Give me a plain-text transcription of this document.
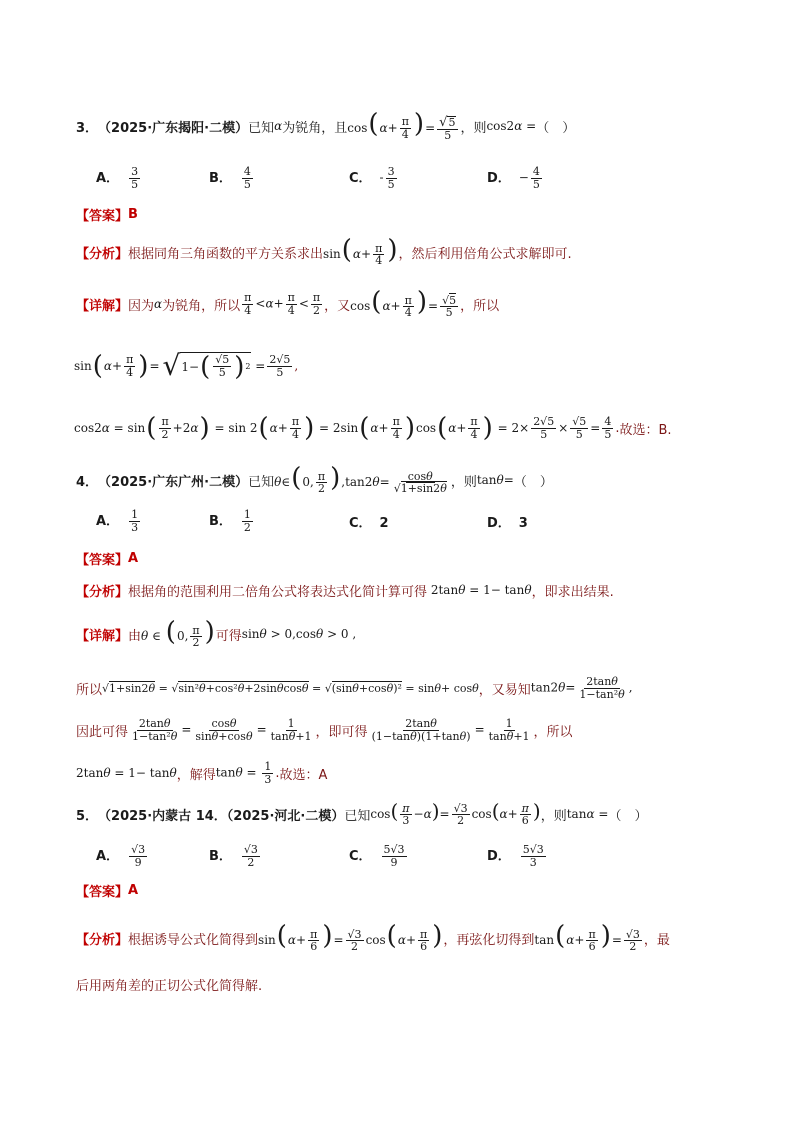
3． （2025·广东揭阳·二模） 已知 α 为锐角，且 $\cos(\alpha+ \frac{\pi}{4}$ )= $\frac{√ 5}{5}$ ，则 cos2α = （　）
A． $\frac{3}{5}$	B． $\frac{4}{5}$	C． - $\frac{3}{5}$	D． − $\frac{4}{5}$
【答案】 B
【分析】 根据同角三角函数的平方关系求出 $\sin(\alpha+ \frac{\pi}{4}$ ) ，然后利用倍角公式求解即可.
【详解】 因为 α 为锐角，所以 $\frac{\pi}{4} <\alpha+ \frac{\pi}{4} < \frac{\pi}{2}$ ，又 $\cos(\alpha+ \frac{\pi}{4}$ )= $\frac{√5}{5}$ ，所以
sin ( $\alpha + \frac{\pi}{4}$ ) = √ 1− ( $\frac{√5}{5}$ ) $2 = \frac{2√5}{5}$ ,
cos2 α = sin ( $\frac{\pi}{2} +2$ α ) = sin 2 ( $\alpha + \frac{\pi}{4}$ ) = 2sin ( $\alpha + \frac{\pi}{4}$ ) cos ( $\alpha + \frac{\pi}{4}$ ) = $2\times \frac{2√5}{5} \times \frac{√5}{5} = \frac{4}{5}$ . 故选：B.
4． （2025·广东广州·二模） 已知 θ∈(0, $\frac{\pi}{2} ),\tan 2\theta= \frac{\cos\theta}{√1+\sin 2\theta}$ ，则 tanθ= （　）
A． $\frac{1}{3}$	B． $\frac{1}{2}$	C． 2	D． 3
【答案】 A
【分析】 根据角的范围利用二倍角公式将表达式化简计算可得 2tanθ = 1− tanθ ，即求出结果.
【详解】 由 θ ∈ (0, $\frac{\pi}{2}$ ) 可得 sinθ > 0,cosθ > 0 ,
所以 √1+sin2θ = √sin²θ+cos²θ+2sinθcosθ = √(sinθ+cosθ)² = sinθ+ cosθ ，又易知 $\tan 2\theta= \frac{2\tan\theta}{\text{1−tan²θ}}$ ,
因此可得 $\frac{2\tan\theta}{\text{1−tan²θ}} = \frac{\cos\theta}{\sin\theta+\cos\theta} = \frac{1}{\tan\theta+1}$ ，即可得 $\frac{2\tan\theta}{(1-\tan\theta)(1+\tan\theta)} = \frac{1}{\tan\theta+1}$ ，所以
2tanθ = 1− tanθ ，解得 $\tan\theta = \frac{1}{3}$ . 故选：A
5． （2025·内蒙古 14．（2025·河北·二模） 已知 $\cos( \frac{\pi}{3} -\alpha)= \frac{√3}{2} \cos(\alpha+ \frac{\pi}{6}$ ) ，则 tanα = （　）
A． $\frac{√3}{9}$	B． $\frac{√3}{2}$	C． $\frac{5√3}{9}$	D． $\frac{5√3}{3}$
【答案】 A
【分析】 根据诱导公式化简得到 $\sin(\alpha+ \frac{\pi}{6}$ )= $\frac{√3}{2} \cos(\alpha+ \frac{\pi}{6}$ ) ，再弦化切得到 $\tan(\alpha+ \frac{\pi}{6}$ )= $\frac{√3}{2}$ ，最
后用两角差的正切公式化简得解.
